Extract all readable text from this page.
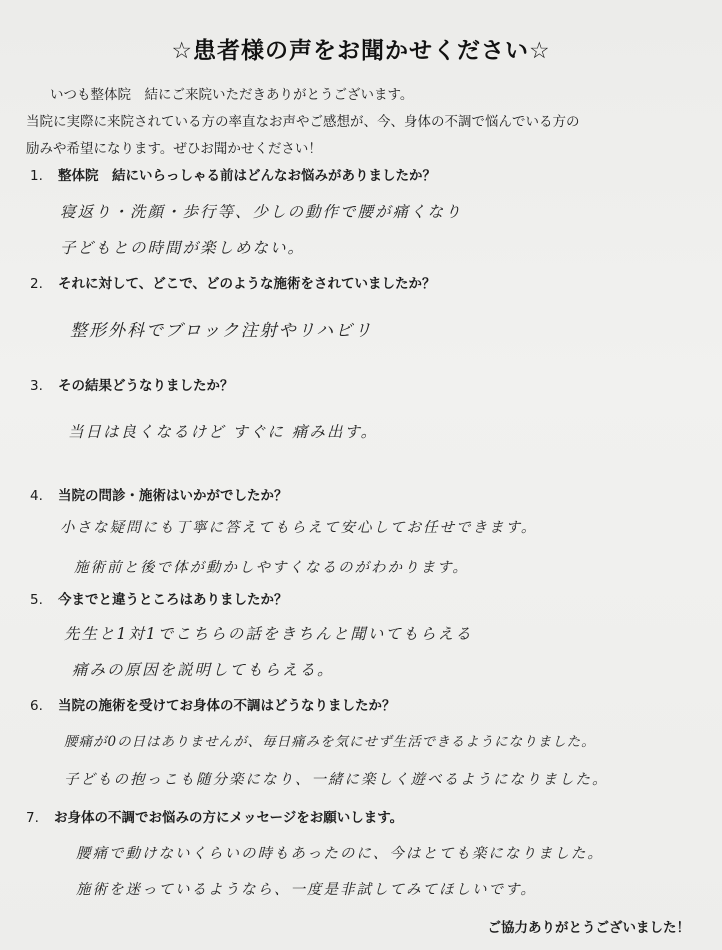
☆患者様の声をお聞かせください☆
いつも整体院　結にご来院いただきありがとうございます。
当院に実際に来院されている方の率直なお声やご感想が、今、身体の不調で悩んでいる方の
励みや希望になります。ぜひお聞かせください！
1. 整体院　結にいらっしゃる前はどんなお悩みがありましたか？
寝返り・洗顔・歩行等、少しの動作で腰が痛くなり
子どもとの時間が楽しめない。
2. それに対して、どこで、どのような施術をされていましたか？
整形外科でブロック注射やリハビリ
3. その結果どうなりましたか？
当日は良くなるけど すぐに 痛み出す。
4. 当院の問診・施術はいかがでしたか？
小さな疑問にも丁寧に答えてもらえて安心してお任せできます。
施術前と後で体が動かしやすくなるのがわかります。
5. 今までと違うところはありましたか？
先生と1対1でこちらの話をきちんと聞いてもらえる
痛みの原因を説明してもらえる。
6. 当院の施術を受けてお身体の不調はどうなりましたか？
腰痛が0の日はありませんが、毎日痛みを気にせず生活できるようになりました。
子どもの抱っこも随分楽になり、一緒に楽しく遊べるようになりました。
7. お身体の不調でお悩みの方にメッセージをお願いします。
腰痛で動けないくらいの時もあったのに、今はとても楽になりました。
施術を迷っているようなら、一度是非試してみてほしいです。
ご協力ありがとうございました！
